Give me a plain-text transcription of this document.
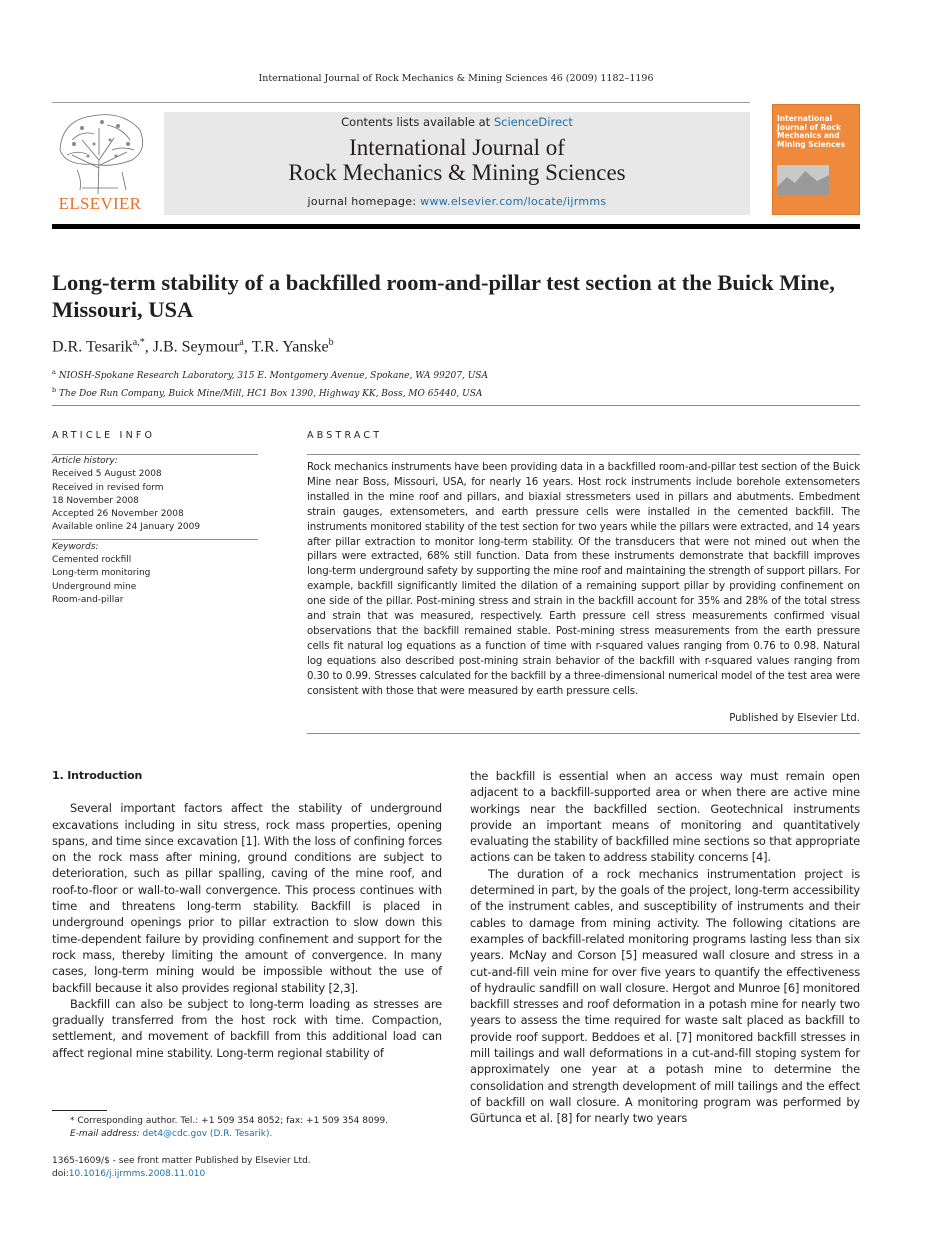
International Journal of Rock Mechanics & Mining Sciences 46 (2009) 1182–1196
ELSEVIER
Contents lists available at ScienceDirect
International Journal of
Rock Mechanics & Mining Sciences
journal homepage: www.elsevier.com/locate/ijrmms
International Journal of Rock Mechanics and Mining Sciences
Long-term stability of a backfilled room-and-pillar test section at the Buick Mine, Missouri, USA
D.R. Tesarik$^{a,*}$, J.B. Seymour$^a$, T.R. Yanske$^b$
$^a$ NIOSH-Spokane Research Laboratory, 315 E. Montgomery Avenue, Spokane, WA 99207, USA
$^b$ The Doe Run Company, Buick Mine/Mill, HC1 Box 1390, Highway KK, Boss, MO 65440, USA
ARTICLE INFO	ABSTRACT
Article history:
Received 5 August 2008
Received in revised form
18 November 2008
Accepted 26 November 2008
Available online 24 January 2009
Keywords:
Cemented rockfill
Long-term monitoring
Underground mine
Room-and-pillar
Rock mechanics instruments have been providing data in a backfilled room-and-pillar test section of the Buick Mine near Boss, Missouri, USA, for nearly 16 years. Host rock instruments include borehole extensometers installed in the mine roof and pillars, and biaxial stressmeters used in pillars and abutments. Embedment strain gauges, extensometers, and earth pressure cells were installed in the cemented backfill. The instruments monitored stability of the test section for two years while the pillars were extracted, and 14 years after pillar extraction to monitor long-term stability. Of the transducers that were not mined out when the pillars were extracted, 68% still function. Data from these instruments demonstrate that backfill improves long-term underground safety by supporting the mine roof and maintaining the strength of support pillars. For example, backfill significantly limited the dilation of a remaining support pillar by providing confinement on one side of the pillar. Post-mining stress and strain in the backfill account for 35% and 28% of the total stress and strain that was measured, respectively. Earth pressure cell stress measurements confirmed visual observations that the backfill remained stable. Post-mining stress measurements from the earth pressure cells fit natural log equations as a function of time with r-squared values ranging from 0.76 to 0.98. Natural log equations also described post-mining strain behavior of the backfill with r-squared values ranging from 0.30 to 0.99. Stresses calculated for the backfill by a three-dimensional numerical model of the test area were consistent with those that were measured by earth pressure cells.
Published by Elsevier Ltd.
1. Introduction

Several important factors affect the stability of underground excavations including in situ stress, rock mass properties, opening spans, and time since excavation [1]. With the loss of confining forces on the rock mass after mining, ground conditions are subject to deterioration, such as pillar spalling, caving of the mine roof, and roof-to-floor or wall-to-wall convergence. This process continues with time and threatens long-term stability. Backfill is placed in underground openings prior to pillar extraction to slow down this time-dependent failure by providing confinement and support for the rock mass, thereby limiting the amount of convergence. In many cases, long-term mining would be impossible without the use of backfill because it also provides regional stability [2,3].

Backfill can also be subject to long-term loading as stresses are gradually transferred from the host rock with time. Compaction, settlement, and movement of backfill from this additional load can affect regional mine stability. Long-term regional stability of

the backfill is essential when an access way must remain open adjacent to a backfill-supported area or when there are active mine workings near the backfilled section. Geotechnical instruments provide an important means of monitoring and quantitatively evaluating the stability of backfilled mine sections so that appropriate actions can be taken to address stability concerns [4].

The duration of a rock mechanics instrumentation project is determined in part, by the goals of the project, long-term accessibility of the instrument cables, and susceptibility of instruments and their cables to damage from mining activity. The following citations are examples of backfill-related monitoring programs lasting less than six years. McNay and Corson [5] measured wall closure and stress in a cut-and-fill vein mine for over five years to quantify the effectiveness of hydraulic sandfill on wall closure. Hergot and Munroe [6] monitored backfill stresses and roof deformation in a potash mine for nearly two years to assess the time required for waste salt placed as backfill to provide roof support. Beddoes et al. [7] monitored backfill stresses in mill tailings and wall deformations in a cut-and-fill stoping system for approximately one year at a potash mine to determine the consolidation and strength development of mill tailings and the effect of backfill on wall closure. A monitoring program was performed by Gürtunca et al. [8] for nearly two years

* Corresponding author. Tel.: +1 509 354 8052; fax: +1 509 354 8099.
E-mail address: det4@cdc.gov (D.R. Tesarik).
1365-1609/$ - see front matter Published by Elsevier Ltd.
doi:10.1016/j.ijrmms.2008.11.010
